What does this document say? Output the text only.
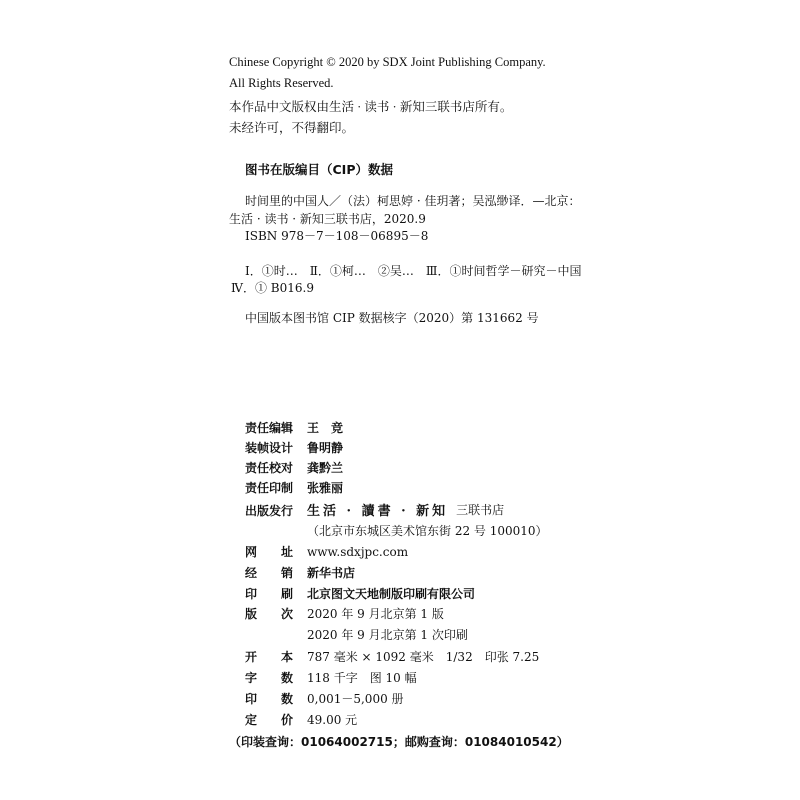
Chinese Copyright © 2020 by SDX Joint Publishing Company.
All Rights Reserved.
本作品中文版权由生活 · 读书 · 新知三联书店所有。
未经许可，不得翻印。
图书在版编目（CIP）数据
时间里的中国人／（法）柯思婷 · 佳玥著；吴泓缈译．—北京：
生活 · 读书 · 新知三联书店，2020.9
ISBN 978－7－108－06895－8
Ⅰ．①时…　Ⅱ．①柯…　②吴…　Ⅲ．①时间哲学－研究－中国
Ⅳ．① B016.9
中国版本图书馆 CIP 数据核字（2020）第 131662 号
责任编辑 王　竞
装帧设计 鲁明静
责任校对 龚黔兰
责任印制 张雅丽
出版发行 生活 · 讀書 · 新知 三联书店
（北京市东城区美术馆东街 22 号 100010）
网　　址 www.sdxjpc.com
经　　销 新华书店
印　　刷 北京图文天地制版印刷有限公司
版　　次 2020 年 9 月北京第 1 版
2020 年 9 月北京第 1 次印刷
开　　本 787 毫米 × 1092 毫米　1/32　印张 7.25
字　　数 118 千字　图 10 幅
印　　数 0,001－5,000 册
定　　价 49.00 元
（印装查询：01064002715；邮购查询：01084010542）
